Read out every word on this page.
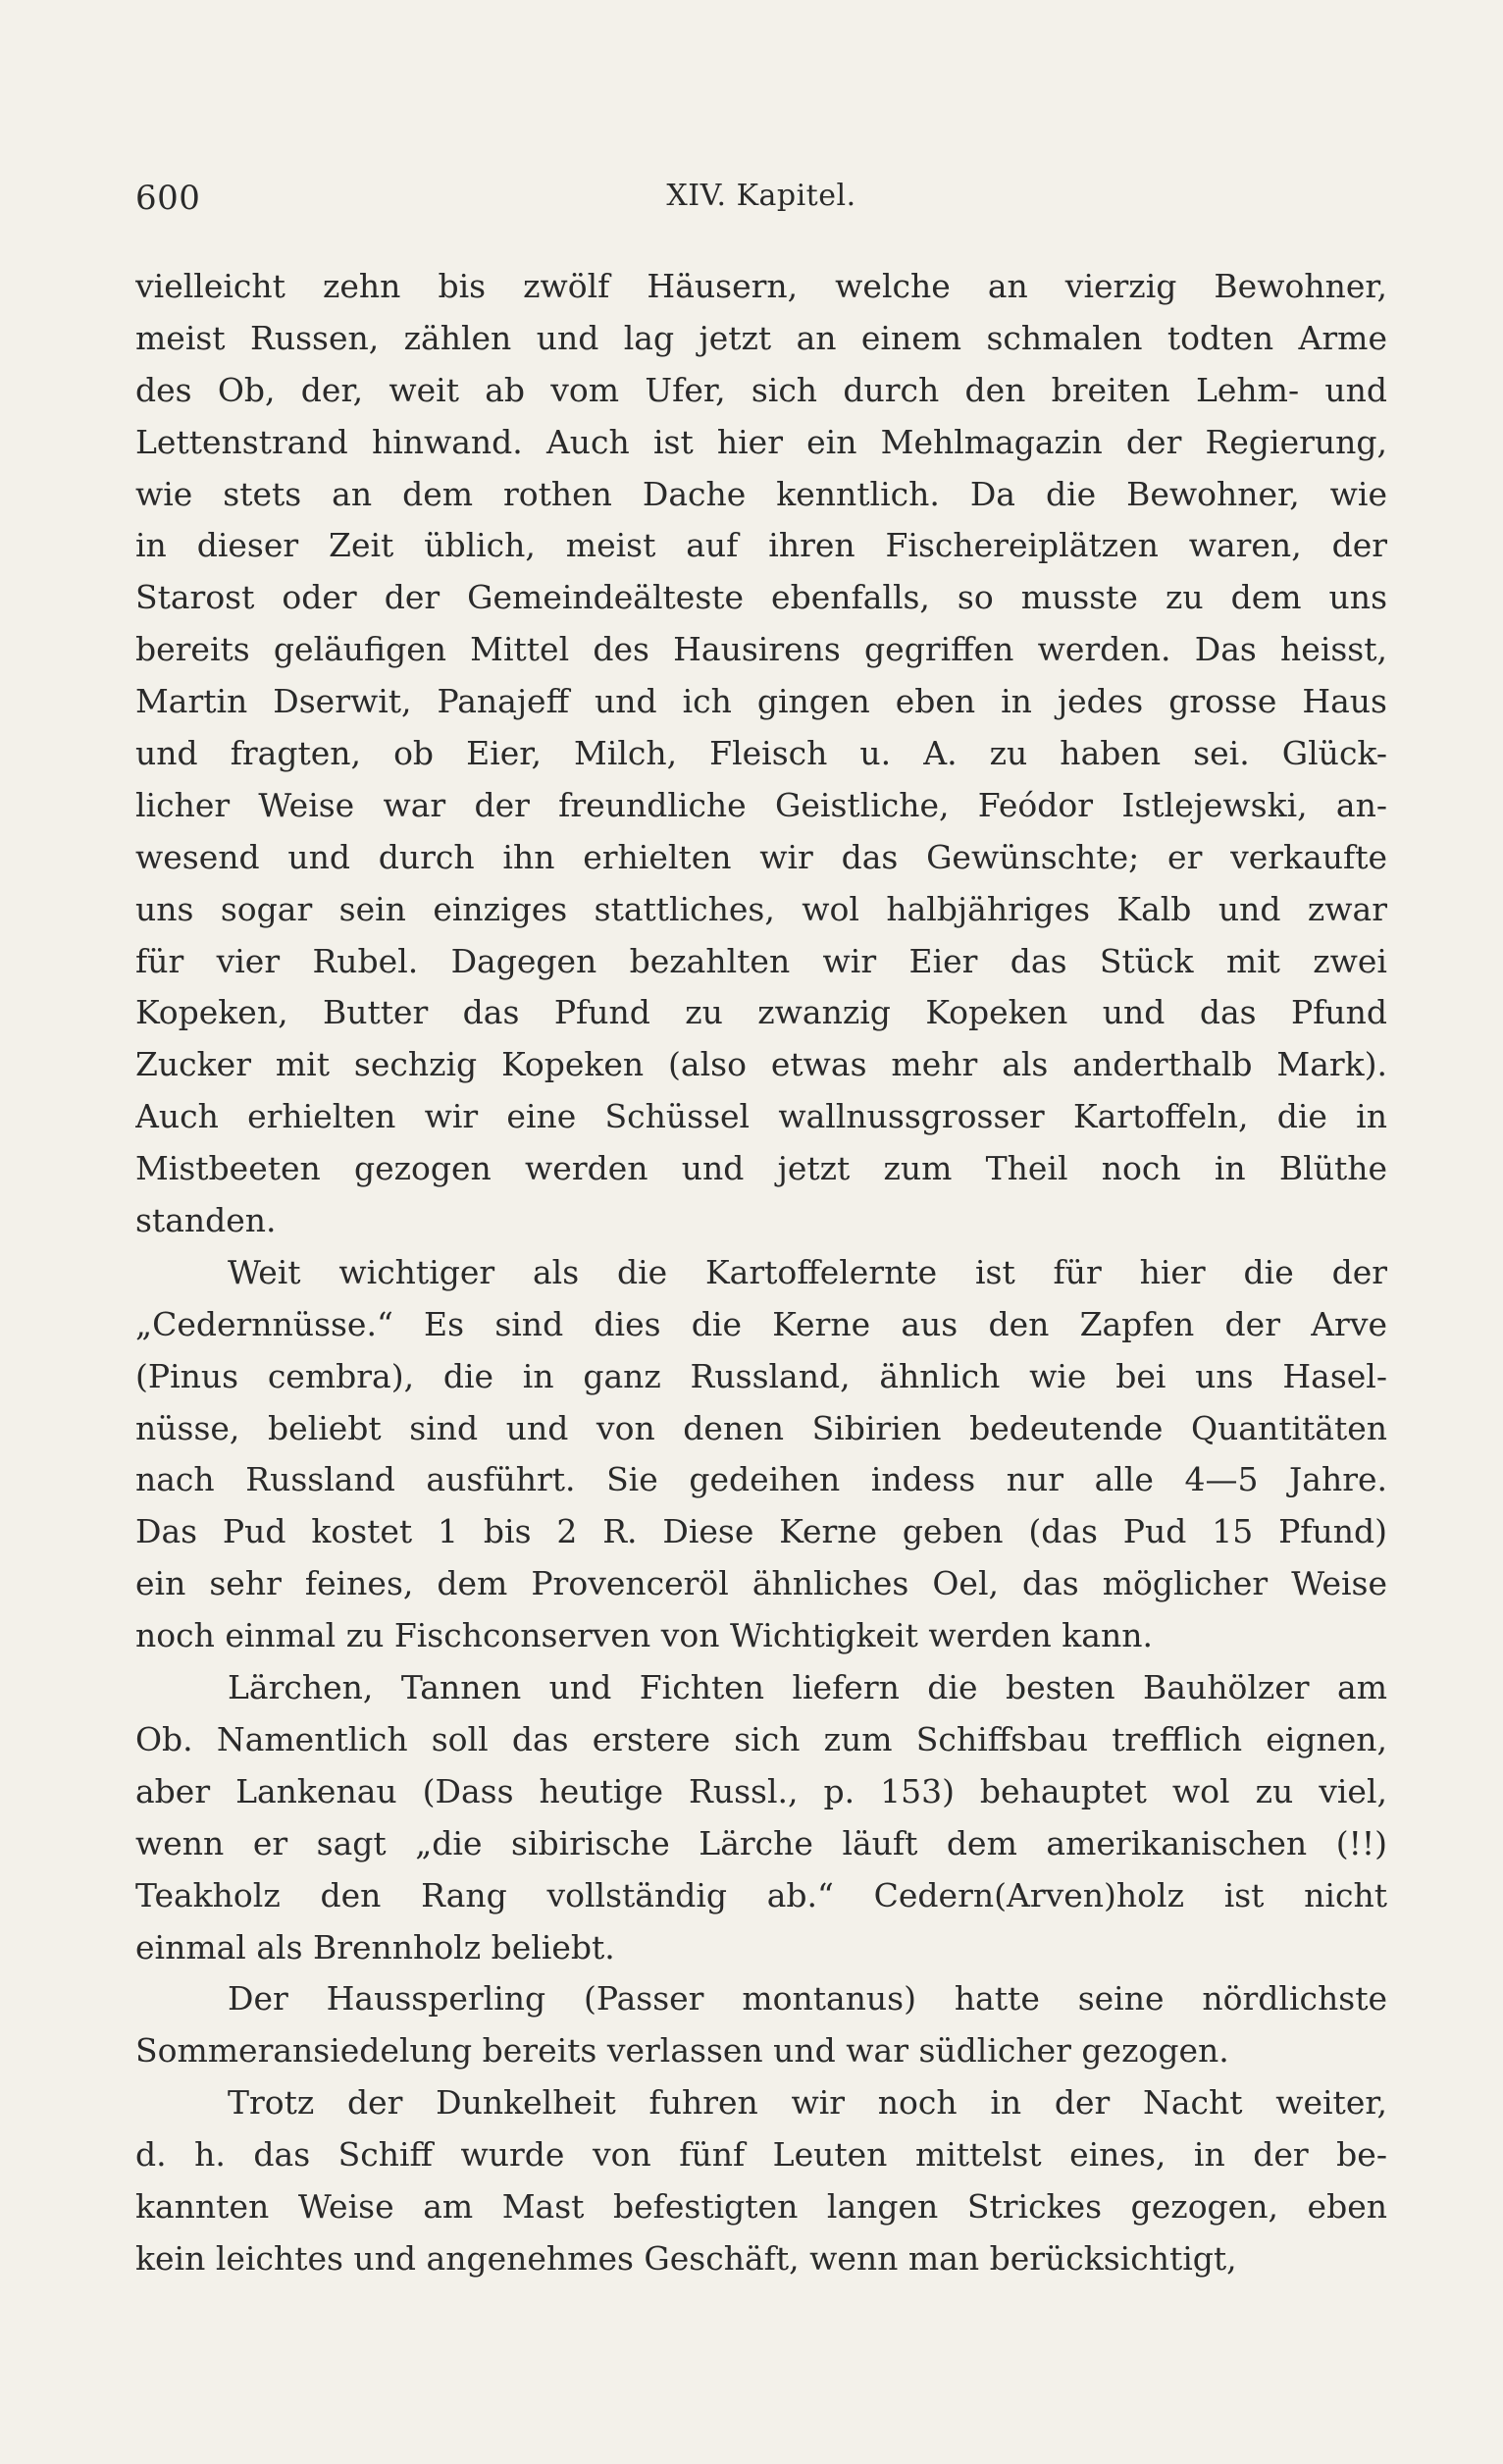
600	XIV. Kapitel.
vielleicht zehn bis zwölf Häusern, welche an vierzig Bewohner,
meist Russen, zählen und lag jetzt an einem schmalen todten Arme
des Ob, der, weit ab vom Ufer, sich durch den breiten Lehm- und
Lettenstrand hinwand. Auch ist hier ein Mehlmagazin der Regierung,
wie stets an dem rothen Dache kenntlich. Da die Bewohner, wie
in dieser Zeit üblich, meist auf ihren Fischereiplätzen waren, der
Starost oder der Gemeindeälteste ebenfalls, so musste zu dem uns
bereits geläufigen Mittel des Hausirens gegriffen werden. Das heisst,
Martin Dserwit, Panajeff und ich gingen eben in jedes grosse Haus
und fragten, ob Eier, Milch, Fleisch u. A. zu haben sei. Glück-
licher Weise war der freundliche Geistliche, Feódor Istlejewski, an-
wesend und durch ihn erhielten wir das Gewünschte; er verkaufte
uns sogar sein einziges stattliches, wol halbjähriges Kalb und zwar
für vier Rubel. Dagegen bezahlten wir Eier das Stück mit zwei
Kopeken, Butter das Pfund zu zwanzig Kopeken und das Pfund
Zucker mit sechzig Kopeken (also etwas mehr als anderthalb Mark).
Auch erhielten wir eine Schüssel wallnussgrosser Kartoffeln, die in
Mistbeeten gezogen werden und jetzt zum Theil noch in Blüthe
standen.
Weit wichtiger als die Kartoffelernte ist für hier die der
„Cedernnüsse.“ Es sind dies die Kerne aus den Zapfen der Arve
(Pinus cembra), die in ganz Russland, ähnlich wie bei uns Hasel-
nüsse, beliebt sind und von denen Sibirien bedeutende Quantitäten
nach Russland ausführt. Sie gedeihen indess nur alle 4—5 Jahre.
Das Pud kostet 1 bis 2 R. Diese Kerne geben (das Pud 15 Pfund)
ein sehr feines, dem Provenceröl ähnliches Oel, das möglicher Weise
noch einmal zu Fischconserven von Wichtigkeit werden kann.
Lärchen, Tannen und Fichten liefern die besten Bauhölzer am
Ob. Namentlich soll das erstere sich zum Schiffsbau trefflich eignen,
aber Lankenau (Dass heutige Russl., p. 153) behauptet wol zu viel,
wenn er sagt „die sibirische Lärche läuft dem amerikanischen (!!)
Teakholz den Rang vollständig ab.“ Cedern(Arven)holz ist nicht
einmal als Brennholz beliebt.
Der Haussperling (Passer montanus) hatte seine nördlichste
Sommeransiedelung bereits verlassen und war südlicher gezogen.
Trotz der Dunkelheit fuhren wir noch in der Nacht weiter,
d. h. das Schiff wurde von fünf Leuten mittelst eines, in der be-
kannten Weise am Mast befestigten langen Strickes gezogen, eben
kein leichtes und angenehmes Geschäft, wenn man berücksichtigt,
